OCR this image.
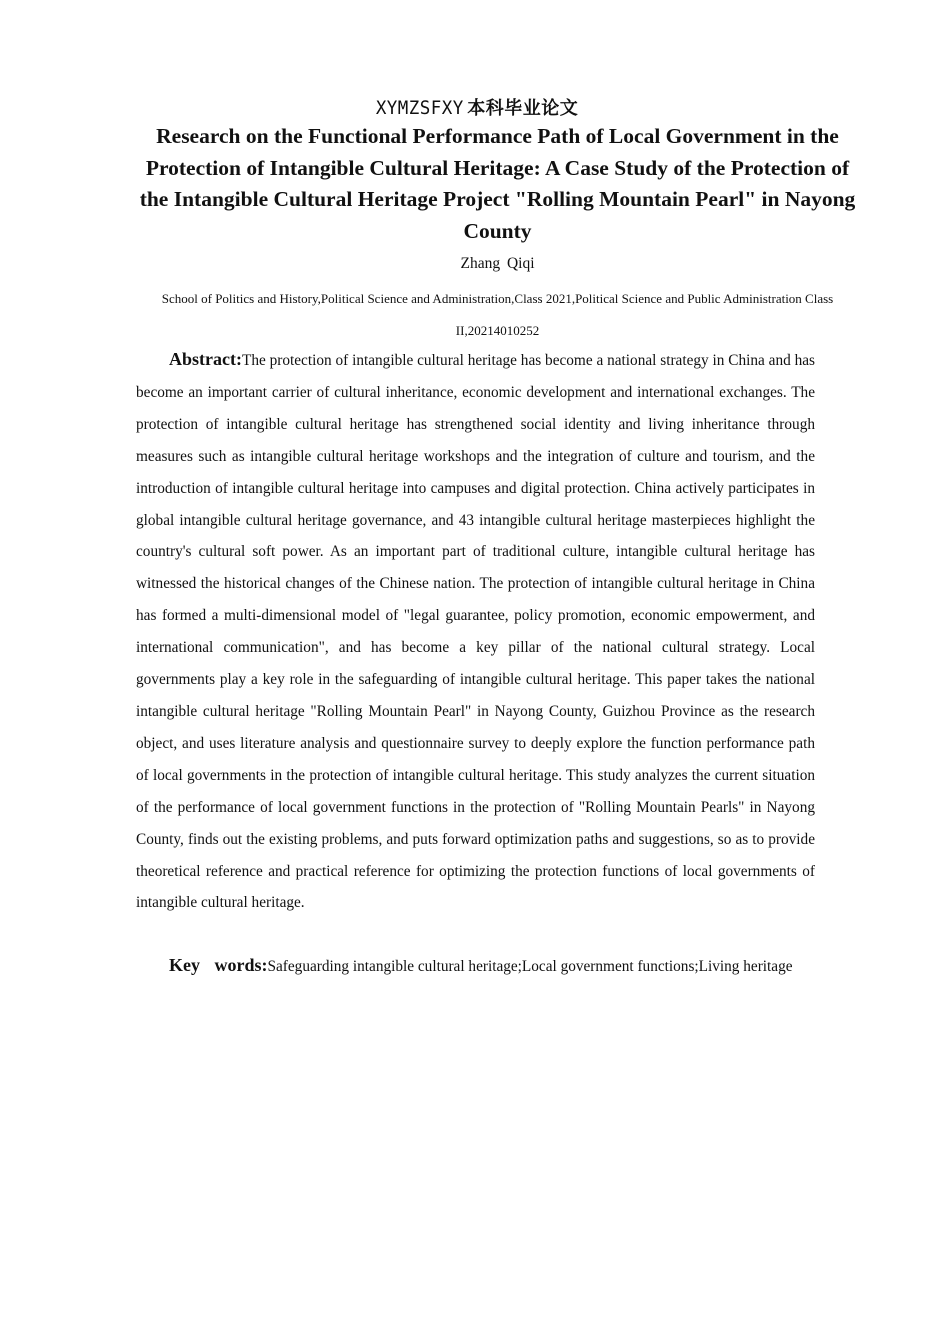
XYMZSFXY 本科毕业论文
Research on the Functional Performance Path of Local Government in the Protection of Intangible Cultural Heritage: A Case Study of the Protection of the Intangible Cultural Heritage Project "Rolling Mountain Pearl" in Nayong County
Zhang Qiqi

School of Politics and History,Political Science and Administration,Class 2021,Political Science and Public Administration Class II,20214010252

Abstract:The protection of intangible cultural heritage has become a national strategy in China and has become an important carrier of cultural inheritance, economic development and international exchanges. The protection of intangible cultural heritage has strengthened social identity and living inheritance through measures such as intangible cultural heritage workshops and the integration of culture and tourism, and the introduction of intangible cultural heritage into campuses and digital protection. China actively participates in global intangible cultural heritage governance, and 43 intangible cultural heritage masterpieces highlight the country's cultural soft power. As an important part of traditional culture, intangible cultural heritage has witnessed the historical changes of the Chinese nation. The protection of intangible cultural heritage in China has formed a multi-dimensional model of "legal guarantee, policy promotion, economic empowerment, and international communication", and has become a key pillar of the national cultural strategy. Local governments play a key role in the safeguarding of intangible cultural heritage. This paper takes the national intangible cultural heritage "Rolling Mountain Pearl" in Nayong County, Guizhou Province as the research object, and uses literature analysis and questionnaire survey to deeply explore the function performance path of local governments in the protection of intangible cultural heritage. This study analyzes the current situation of the performance of local government functions in the protection of "Rolling Mountain Pearls" in Nayong County, finds out the existing problems, and puts forward optimization paths and suggestions, so as to provide theoretical reference and practical reference for optimizing the protection functions of local governments of intangible cultural heritage.

Key words:Safeguarding intangible cultural heritage;Local government functions;Living heritage
